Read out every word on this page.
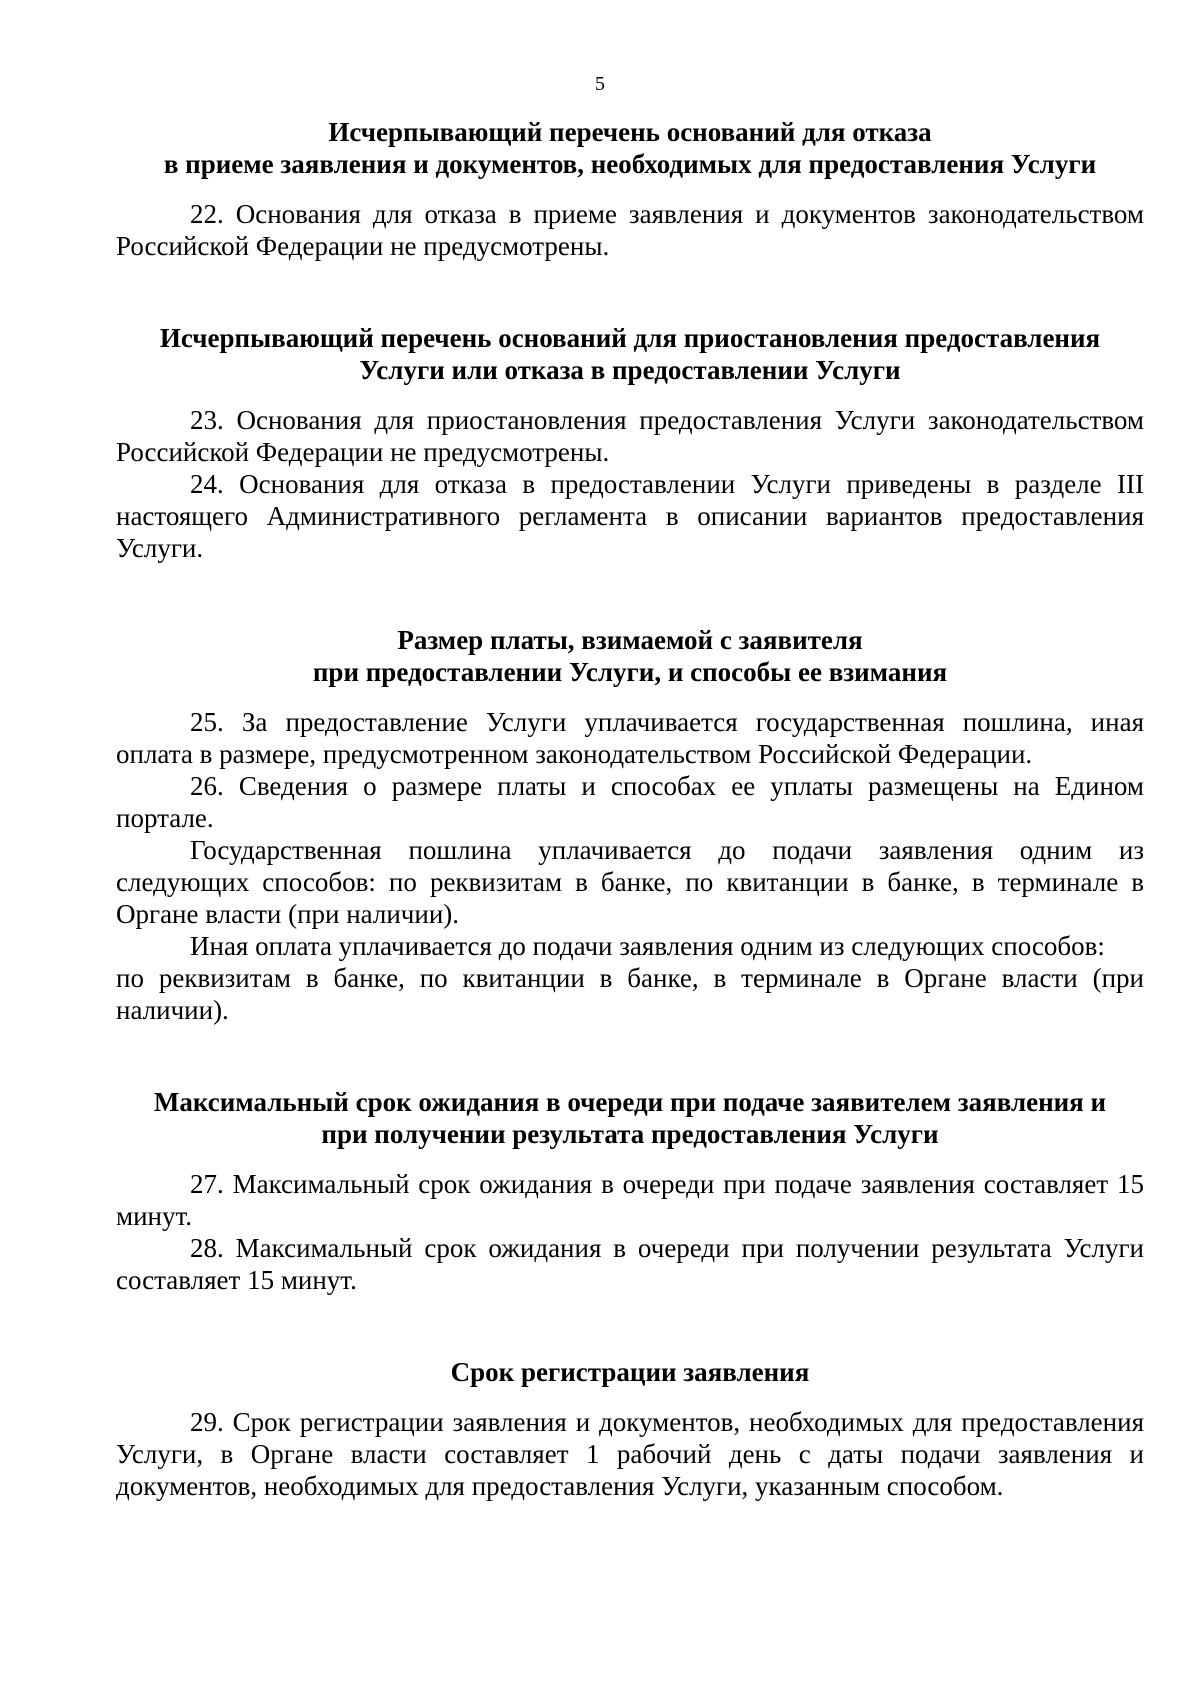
5
Исчерпывающий перечень оснований для отказа
в приеме заявления и документов, необходимых для предоставления Услуги

22. Основания для отказа в приеме заявления и документов законодательством Российской Федерации не предусмотрены.

Исчерпывающий перечень оснований для приостановления предоставления
Услуги или отказа в предоставлении Услуги

23. Основания для приостановления предоставления Услуги законодательством Российской Федерации не предусмотрены.

24. Основания для отказа в предоставлении Услуги приведены в разделе III настоящего Административного регламента в описании вариантов предоставления Услуги.

Размер платы, взимаемой с заявителя
при предоставлении Услуги, и способы ее взимания

25. За предоставление Услуги уплачивается государственная пошлина, иная оплата в размере, предусмотренном законодательством Российской Федерации.

26. Сведения о размере платы и способах ее уплаты размещены на Едином портале.

Государственная пошлина уплачивается до подачи заявления одним из следующих способов: по реквизитам в банке, по квитанции в банке, в терминале в Органе власти (при наличии).

Иная оплата уплачивается до подачи заявления одним из следующих способов:

по реквизитам в банке, по квитанции в банке, в терминале в Органе власти (при наличии).

Максимальный срок ожидания в очереди при подаче заявителем заявления и
при получении результата предоставления Услуги

27. Максимальный срок ожидания в очереди при подаче заявления составляет 15 минут.

28. Максимальный срок ожидания в очереди при получении результата Услуги составляет 15 минут.

Срок регистрации заявления

29. Срок регистрации заявления и документов, необходимых для предоставления Услуги, в Органе власти составляет 1 рабочий день с даты подачи заявления и документов, необходимых для предоставления Услуги, указанным способом.
